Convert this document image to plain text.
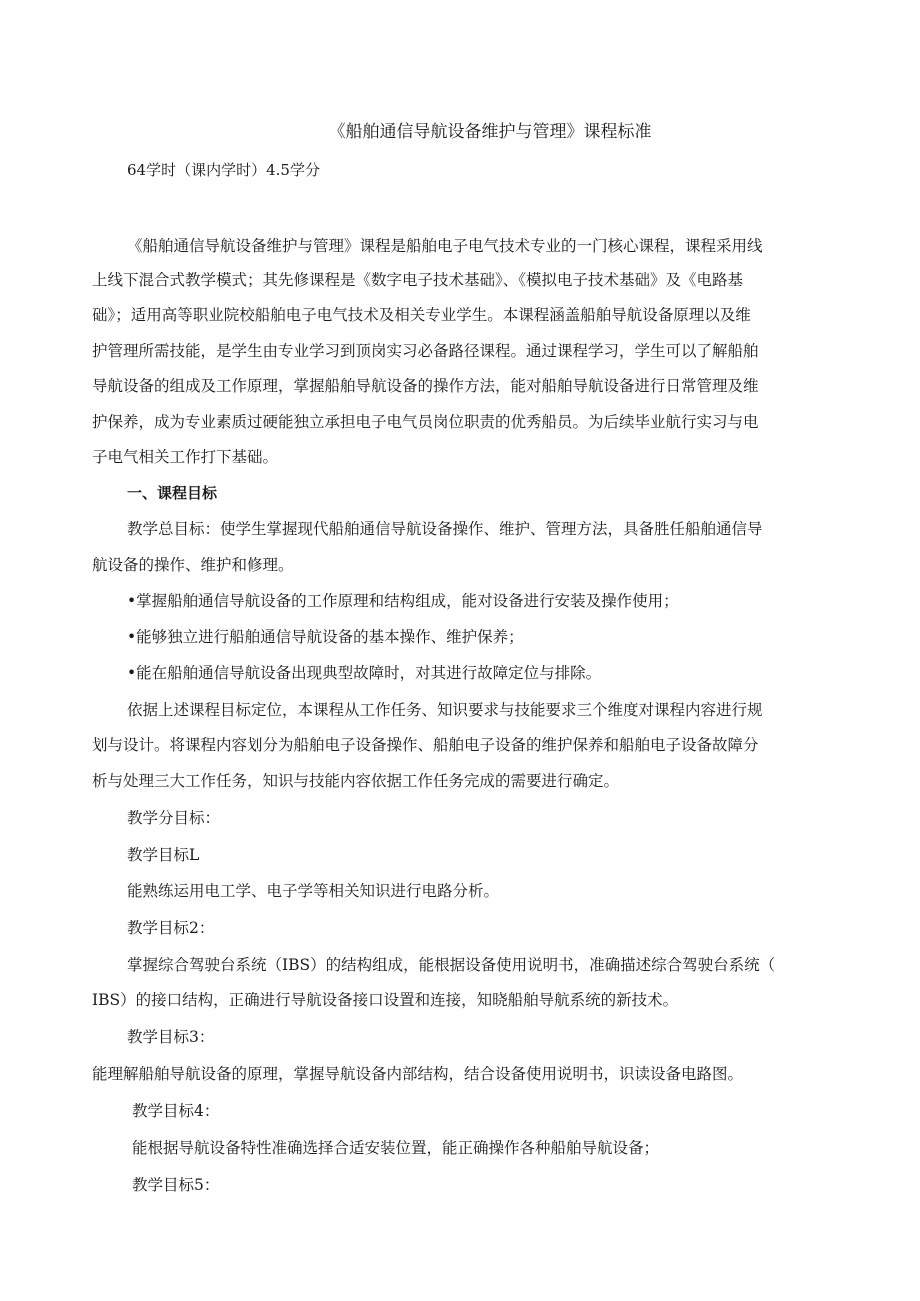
《船舶通信导航设备维护与管理》课程标准
64学时（课内学时）4.5学分
《船舶通信导航设备维护与管理》课程是船舶电子电气技术专业的一门核心课程，课程采用线
上线下混合式教学模式；其先修课程是《数字电子技术基础》、《模拟电子技术基础》及《电路基
础》；适用高等职业院校船舶电子电气技术及相关专业学生。本课程涵盖船舶导航设备原理以及维
护管理所需技能，是学生由专业学习到顶岗实习必备路径课程。通过课程学习，学生可以了解船舶
导航设备的组成及工作原理，掌握船舶导航设备的操作方法，能对船舶导航设备进行日常管理及维
护保养，成为专业素质过硬能独立承担电子电气员岗位职责的优秀船员。为后续毕业航行实习与电
子电气相关工作打下基础。
一、课程目标
教学总目标：使学生掌握现代船舶通信导航设备操作、维护、管理方法，具备胜任船舶通信导
航设备的操作、维护和修理。
•掌握船舶通信导航设备的工作原理和结构组成，能对设备进行安装及操作使用；
•能够独立进行船舶通信导航设备的基本操作、维护保养；
•能在船舶通信导航设备出现典型故障时，对其进行故障定位与排除。
依据上述课程目标定位，本课程从工作任务、知识要求与技能要求三个维度对课程内容进行规
划与设计。将课程内容划分为船舶电子设备操作、船舶电子设备的维护保养和船舶电子设备故障分
析与处理三大工作任务，知识与技能内容依据工作任务完成的需要进行确定。
教学分目标：
教学目标L
能熟练运用电工学、电子学等相关知识进行电路分析。
教学目标2：
掌握综合驾驶台系统（IBS）的结构组成，能根据设备使用说明书，准确描述综合驾驶台系统（
IBS）的接口结构，正确进行导航设备接口设置和连接，知晓船舶导航系统的新技术。
教学目标3：
能理解船舶导航设备的原理，掌握导航设备内部结构，结合设备使用说明书，识读设备电路图。
教学目标4：
能根据导航设备特性准确选择合适安装位置，能正确操作各种船舶导航设备；
教学目标5：
